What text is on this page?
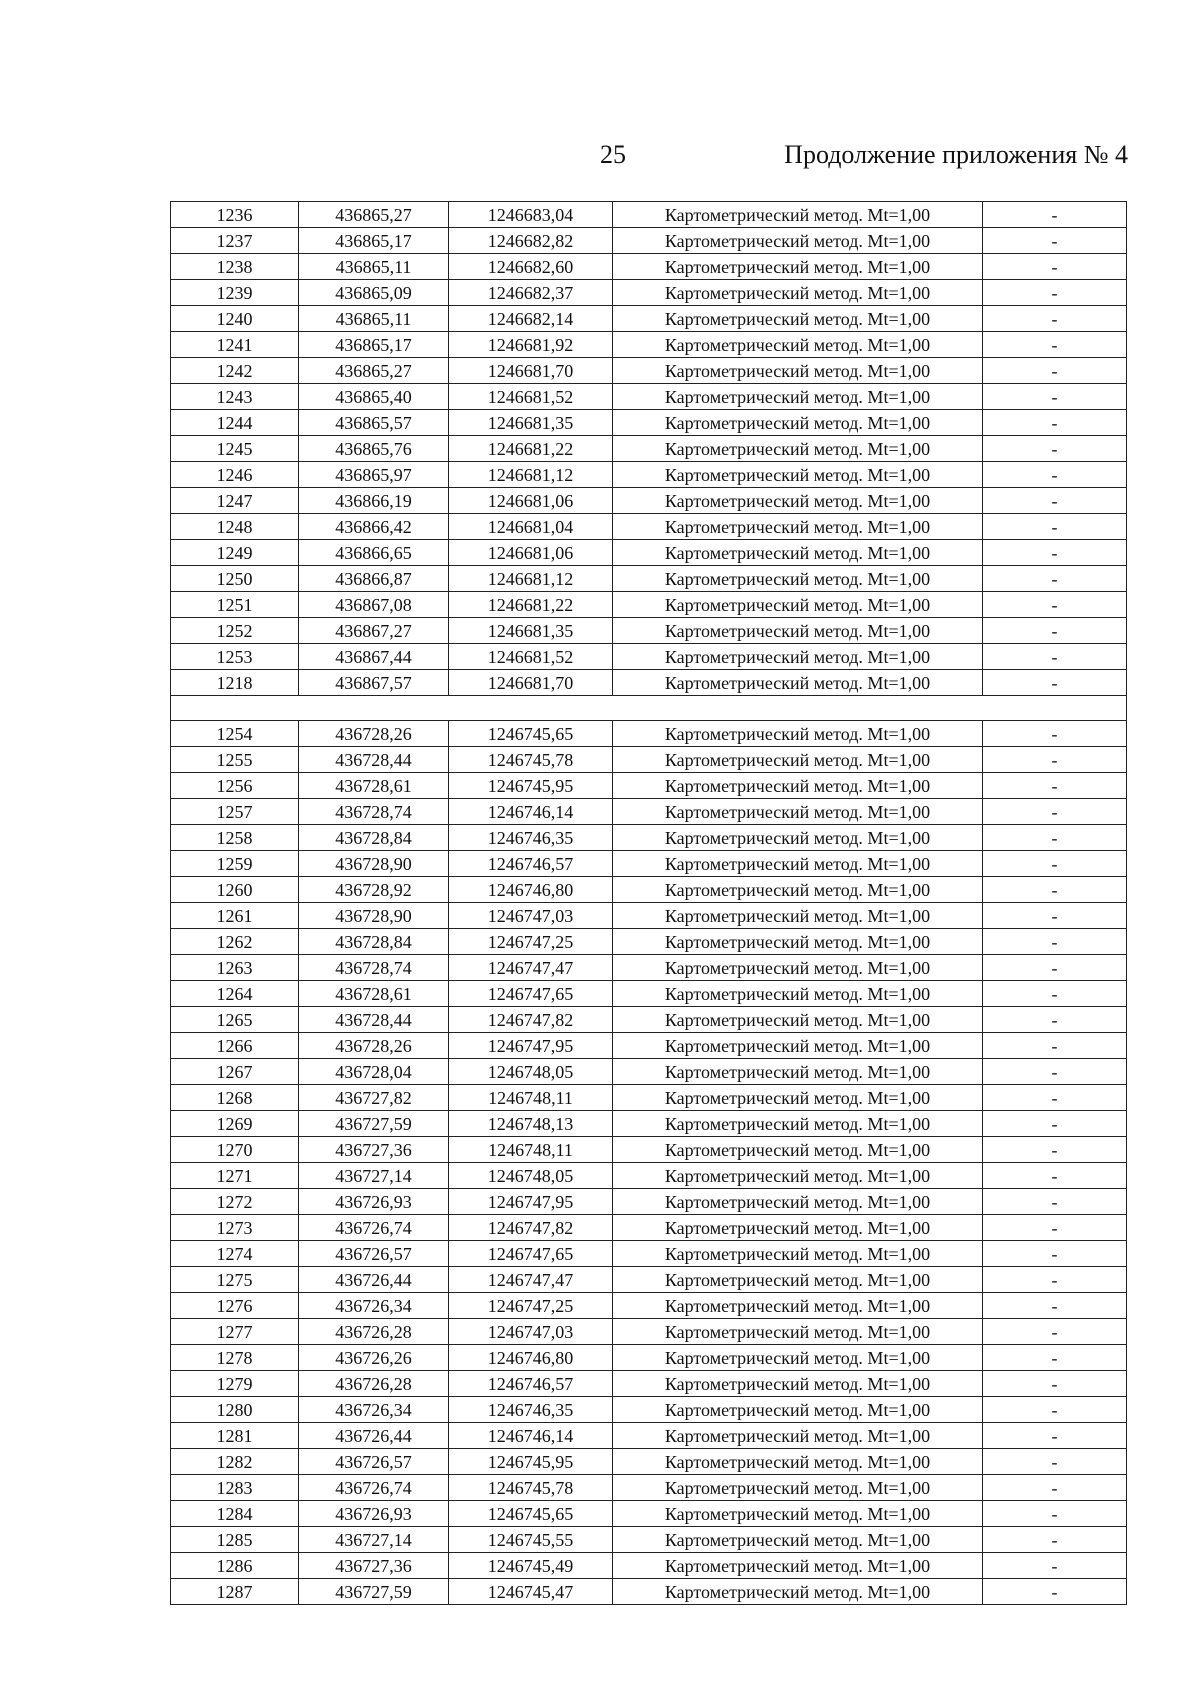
25	Продолжение приложения № 4
1236	436865,27	1246683,04	Картометрический метод. Mt=1,00	-
1237	436865,17	1246682,82	Картометрический метод. Mt=1,00	-
1238	436865,11	1246682,60	Картометрический метод. Mt=1,00	-
1239	436865,09	1246682,37	Картометрический метод. Mt=1,00	-
1240	436865,11	1246682,14	Картометрический метод. Mt=1,00	-
1241	436865,17	1246681,92	Картометрический метод. Mt=1,00	-
1242	436865,27	1246681,70	Картометрический метод. Mt=1,00	-
1243	436865,40	1246681,52	Картометрический метод. Mt=1,00	-
1244	436865,57	1246681,35	Картометрический метод. Mt=1,00	-
1245	436865,76	1246681,22	Картометрический метод. Mt=1,00	-
1246	436865,97	1246681,12	Картометрический метод. Mt=1,00	-
1247	436866,19	1246681,06	Картометрический метод. Mt=1,00	-
1248	436866,42	1246681,04	Картометрический метод. Mt=1,00	-
1249	436866,65	1246681,06	Картометрический метод. Mt=1,00	-
1250	436866,87	1246681,12	Картометрический метод. Mt=1,00	-
1251	436867,08	1246681,22	Картометрический метод. Mt=1,00	-
1252	436867,27	1246681,35	Картометрический метод. Mt=1,00	-
1253	436867,44	1246681,52	Картометрический метод. Mt=1,00	-
1218	436867,57	1246681,70	Картометрический метод. Mt=1,00	-

1254	436728,26	1246745,65	Картометрический метод. Mt=1,00	-
1255	436728,44	1246745,78	Картометрический метод. Mt=1,00	-
1256	436728,61	1246745,95	Картометрический метод. Mt=1,00	-
1257	436728,74	1246746,14	Картометрический метод. Mt=1,00	-
1258	436728,84	1246746,35	Картометрический метод. Mt=1,00	-
1259	436728,90	1246746,57	Картометрический метод. Mt=1,00	-
1260	436728,92	1246746,80	Картометрический метод. Mt=1,00	-
1261	436728,90	1246747,03	Картометрический метод. Mt=1,00	-
1262	436728,84	1246747,25	Картометрический метод. Mt=1,00	-
1263	436728,74	1246747,47	Картометрический метод. Mt=1,00	-
1264	436728,61	1246747,65	Картометрический метод. Mt=1,00	-
1265	436728,44	1246747,82	Картометрический метод. Mt=1,00	-
1266	436728,26	1246747,95	Картометрический метод. Mt=1,00	-
1267	436728,04	1246748,05	Картометрический метод. Mt=1,00	-
1268	436727,82	1246748,11	Картометрический метод. Mt=1,00	-
1269	436727,59	1246748,13	Картометрический метод. Mt=1,00	-
1270	436727,36	1246748,11	Картометрический метод. Mt=1,00	-
1271	436727,14	1246748,05	Картометрический метод. Mt=1,00	-
1272	436726,93	1246747,95	Картометрический метод. Mt=1,00	-
1273	436726,74	1246747,82	Картометрический метод. Mt=1,00	-
1274	436726,57	1246747,65	Картометрический метод. Mt=1,00	-
1275	436726,44	1246747,47	Картометрический метод. Mt=1,00	-
1276	436726,34	1246747,25	Картометрический метод. Mt=1,00	-
1277	436726,28	1246747,03	Картометрический метод. Mt=1,00	-
1278	436726,26	1246746,80	Картометрический метод. Mt=1,00	-
1279	436726,28	1246746,57	Картометрический метод. Mt=1,00	-
1280	436726,34	1246746,35	Картометрический метод. Mt=1,00	-
1281	436726,44	1246746,14	Картометрический метод. Mt=1,00	-
1282	436726,57	1246745,95	Картометрический метод. Mt=1,00	-
1283	436726,74	1246745,78	Картометрический метод. Mt=1,00	-
1284	436726,93	1246745,65	Картометрический метод. Mt=1,00	-
1285	436727,14	1246745,55	Картометрический метод. Mt=1,00	-
1286	436727,36	1246745,49	Картометрический метод. Mt=1,00	-
1287	436727,59	1246745,47	Картометрический метод. Mt=1,00	-
